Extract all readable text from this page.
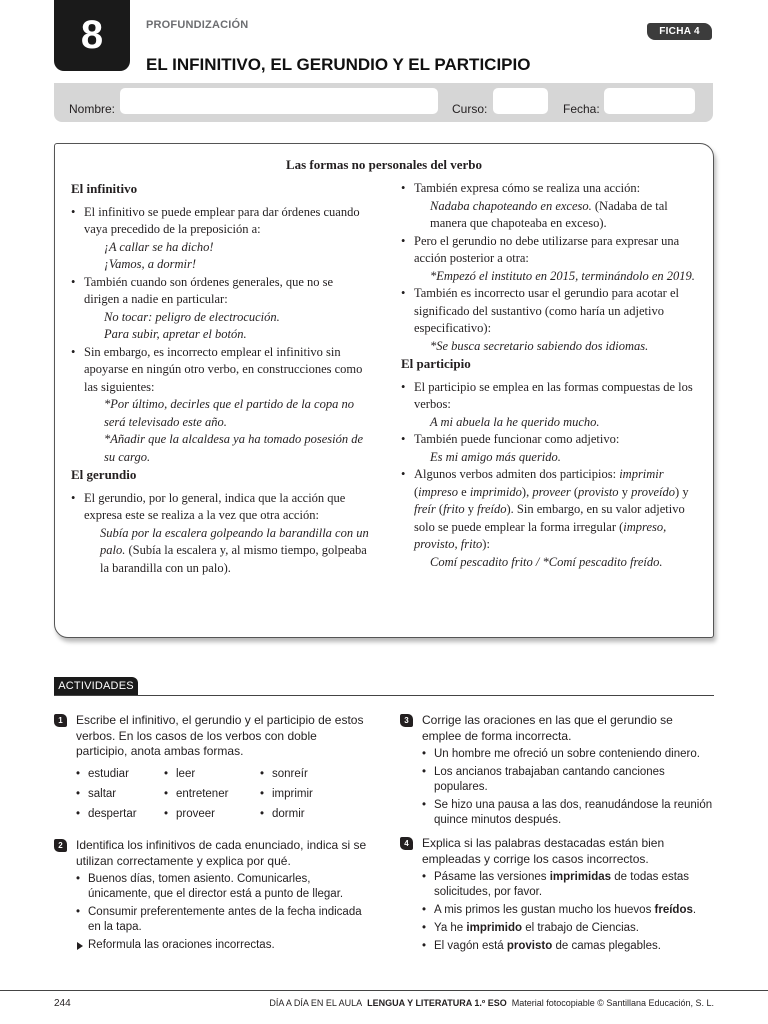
8	PROFUNDIZACIÓN
FICHA 4
EL INFINITIVO, EL GERUNDIO Y EL PARTICIPIO
Nombre:	Curso:	Fecha:
Las formas no personales del verbo
El infinitivo

• El infinitivo se puede emplear para dar órdenes cuando vaya precedido de la preposición a:

¡A callar se ha dicho!

¡Vamos, a dormir!

• También cuando son órdenes generales, que no se dirigen a nadie en particular:

No tocar: peligro de electrocución.

Para subir, apretar el botón.

• Sin embargo, es incorrecto emplear el infinitivo sin apoyarse en ningún otro verbo, en construcciones como las siguientes:

*Por último, decirles que el partido de la copa no será televisado este año.

*Añadir que la alcaldesa ya ha tomado posesión de su cargo.

El gerundio

• El gerundio, por lo general, indica que la acción que expresa este se realiza a la vez que otra acción:

Subía por la escalera golpeando la barandilla con un palo. (Subía la escalera y, al mismo tiempo, golpeaba la barandilla con un palo).

• También expresa cómo se realiza una acción:

Nadaba chapoteando en exceso. (Nadaba de tal manera que chapoteaba en exceso).

• Pero el gerundio no debe utilizarse para expresar una acción posterior a otra:

*Empezó el instituto en 2015, terminándolo en 2019.

• También es incorrecto usar el gerundio para acotar el significado del sustantivo (como haría un adjetivo especificativo):

*Se busca secretario sabiendo dos idiomas.

El participio

• El participio se emplea en las formas compuestas de los verbos:

A mi abuela la he querido mucho.

• También puede funcionar como adjetivo:

Es mi amigo más querido.

• Algunos verbos admiten dos participios: imprimir (impreso e imprimido), proveer (provisto y proveído) y freír (frito y freído). Sin embargo, en su valor adjetivo solo se puede emplear la forma irregular (impreso, provisto, frito):

Comí pescadito frito / *Comí pescadito freído.

ACTIVIDADES
1	Escribe el infinitivo, el gerundio y el participio de estos verbos. En los casos de los verbos con doble participio, anota ambas formas.

• estudiar	• leer	• sonreír
• saltar	• entretener	• imprimir
• despertar	• proveer	• dormir
2	Identifica los infinitivos de cada enunciado, indica si se utilizan correctamente y explica por qué.

• Buenos días, tomen asiento. Comunicarles, únicamente, que el director está a punto de llegar.

• Consumir preferentemente antes de la fecha indicada en la tapa.

Reformula las oraciones incorrectas.

3	Corrige las oraciones en las que el gerundio se emplee de forma incorrecta.

• Un hombre me ofreció un sobre conteniendo dinero.

• Los ancianos trabajaban cantando canciones populares.

• Se hizo una pausa a las dos, reanudándose la reunión quince minutos después.

4	Explica si las palabras destacadas están bien empleadas y corrige los casos incorrectos.

• Pásame las versiones imprimidas de todas estas solicitudes, por favor.

• A mis primos les gustan mucho los huevos freídos.

• Ya he imprimido el trabajo de Ciencias.

• El vagón está provisto de camas plegables.

244	DÍA A DÍA EN EL AULA LENGUA Y LITERATURA 1.º ESO Material fotocopiable © Santillana Educación, S. L.
